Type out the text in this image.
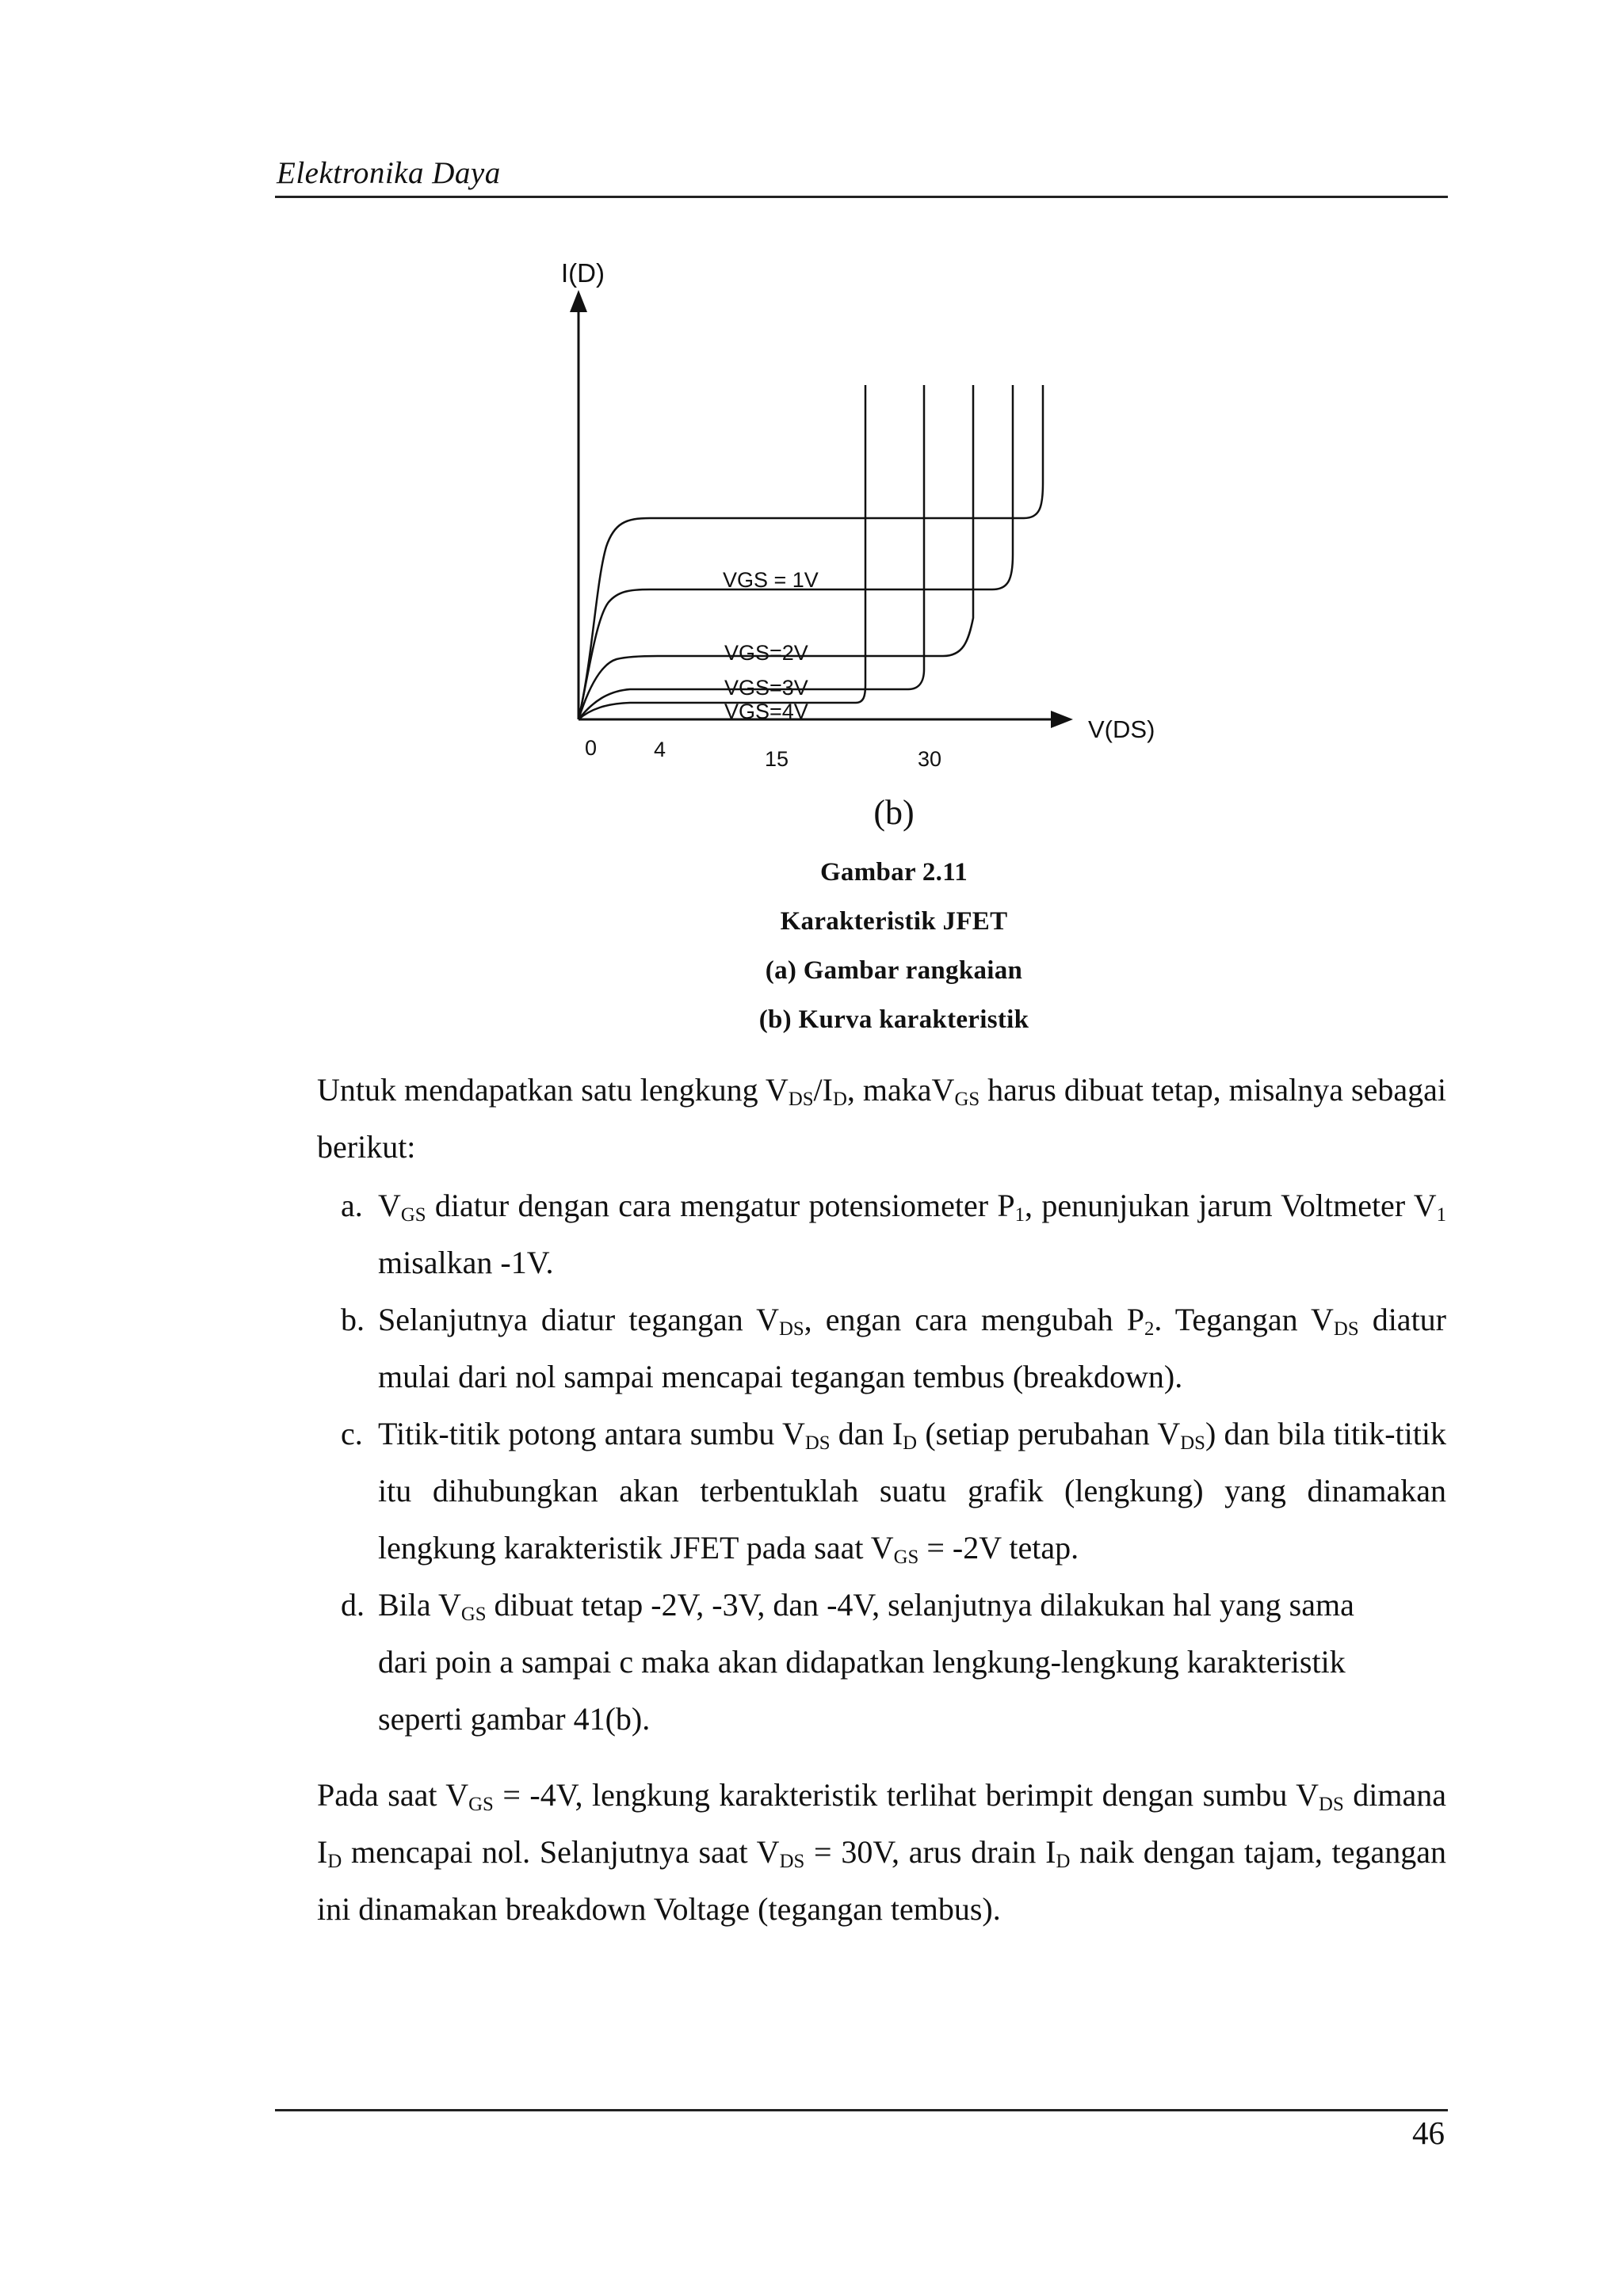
Elektronika Daya
I(D)
V(DS)
0	4	15	30
VGS = 1V
VGS=2V
VGS=3V
VGS=4V
(b)
Gambar 2.11
Karakteristik JFET
(a) Gambar rangkaian
(b) Kurva karakteristik
Untuk mendapatkan satu lengkung $V_{DS}/I_D$, makaV$_{GS}$ harus dibuat tetap, misalnya sebagai berikut:
a. $V_{GS}$ diatur dengan cara mengatur potensiometer $P_1$, penunjukan jarum Voltmeter $V_1$ misalkan -1V.
b. Selanjutnya diatur tegangan $V_{DS}$, engan cara mengubah $P_2$. Tegangan $V_{DS}$ diatur mulai dari nol sampai mencapai tegangan tembus (breakdown).
c. Titik-titik potong antara sumbu $V_{DS}$ dan $I_D$ (setiap perubahan $V_{DS}$) dan bila titik-titik itu dihubungkan akan terbentuklah suatu grafik (lengkung) yang dinamakan lengkung karakteristik JFET pada saat $V_{GS} = -2V$ tetap.
d. Bila $V_{GS}$ dibuat tetap -2V, -3V, dan -4V, selanjutnya dilakukan hal yang sama dari poin a sampai c maka akan didapatkan lengkung-lengkung karakteristik seperti gambar 41(b).
Pada saat $V_{GS} = -4V$, lengkung karakteristik terlihat berimpit dengan sumbu $V_{DS}$ dimana $I_D$ mencapai nol. Selanjutnya saat $V_{DS} = 30V$, arus drain $I_D$ naik dengan tajam, tegangan ini dinamakan breakdown Voltage (tegangan tembus).
46
